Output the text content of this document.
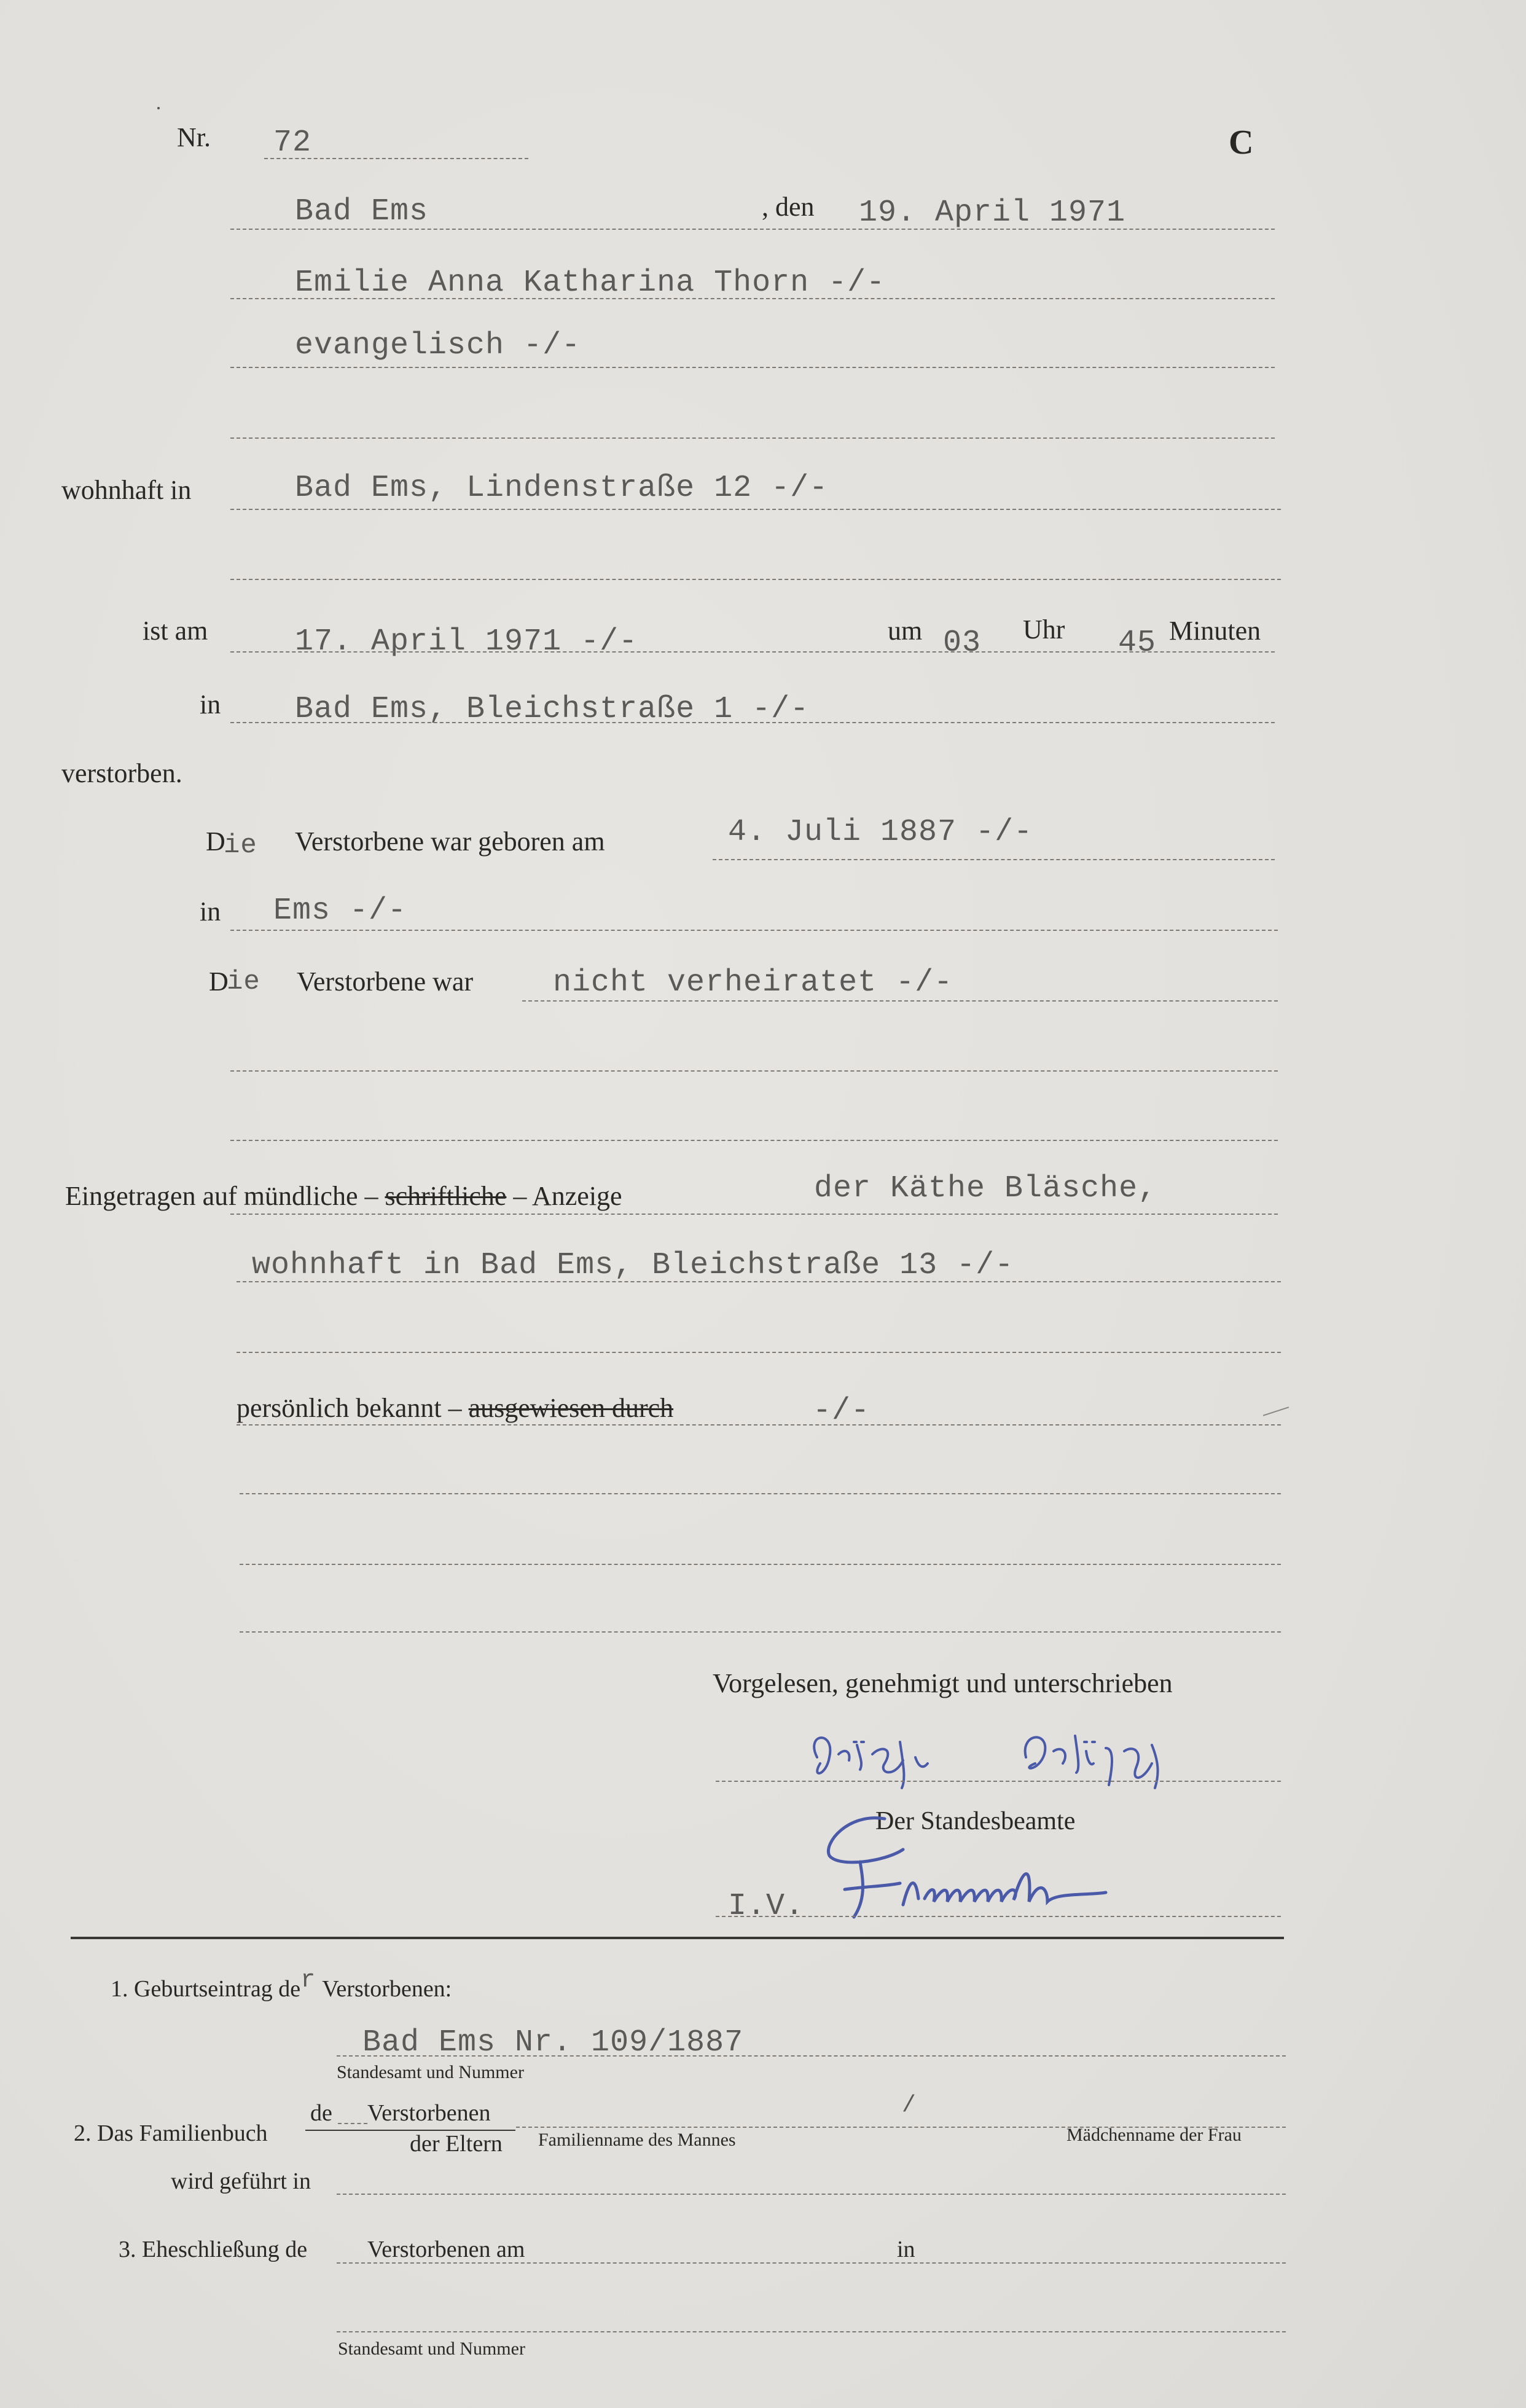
Nr. 72	C
Bad Ems	, den 19. April 1971
Emilie Anna Katharina Thorn -/-
evangelisch -/-
wohnhaft in	Bad Ems, Lindenstraße 12 -/-
ist am	17. April 1971 -/-	um 03 Uhr 45 Minuten
in Bad Ems, Bleichstraße 1 -/-
verstorben.
D
ie Verstorbene war geboren am	4. Juli 1887 -/-
in Ems -/-
D
ie Verstorbene war	nicht verheiratet -/-
Eingetragen auf mündliche – schriftliche – Anzeige	der Käthe Bläsche,
wohnhaft in Bad Ems, Bleichstraße 13 -/-
persönlich bekannt – ausgewiesen durch	-/-
Vorgelesen, genehmigt und unterschrieben
Der Standesbeamte
I.V.
1. Geburtseintrag der Verstorbenen:
Bad Ems Nr. 109/1887
Standesamt und Nummer
2. Das Familienbuch
de Verstorbenen
der Eltern
/
Familienname des Mannes	Mädchenname der Frau
wird geführt in
3. Eheschließung de	Verstorbenen am	in
Standesamt und Nummer
